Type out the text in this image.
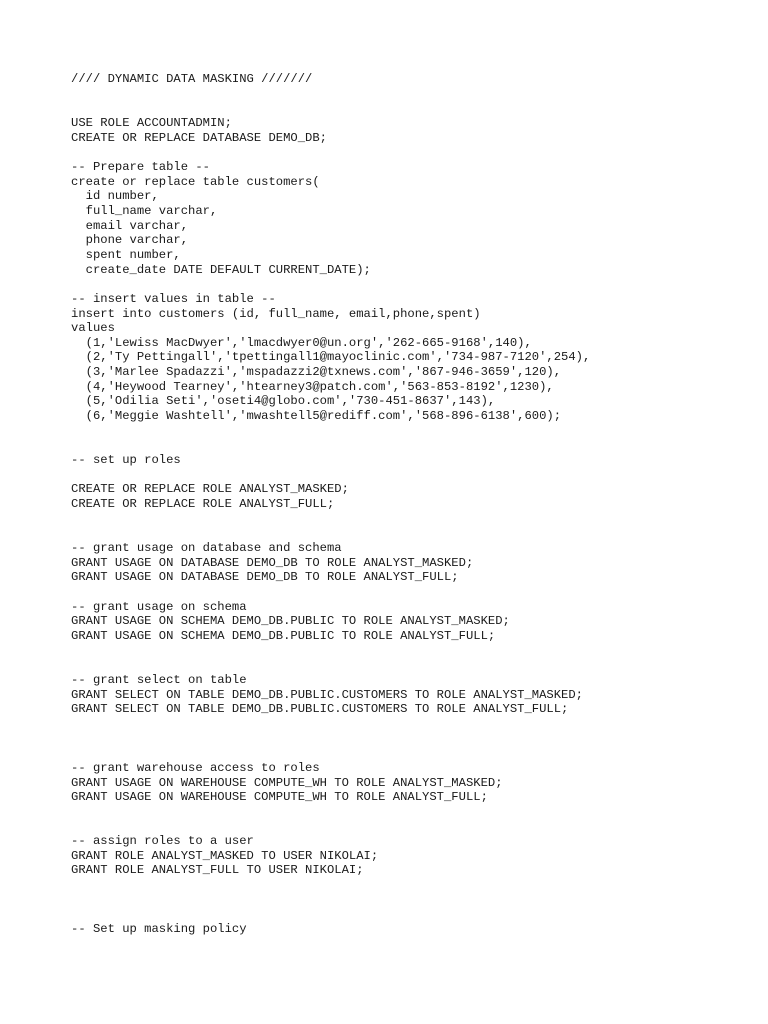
//// DYNAMIC DATA MASKING ///////
USE ROLE ACCOUNTADMIN;
CREATE OR REPLACE DATABASE DEMO_DB;
-- Prepare table --
create or replace table customers(
id number,
full_name varchar,
email varchar,
phone varchar,
spent number,
create_date DATE DEFAULT CURRENT_DATE);
-- insert values in table --
insert into customers (id, full_name, email,phone,spent)
values
(1,'Lewiss MacDwyer','lmacdwyer0@un.org','262-665-9168',140),
(2,'Ty Pettingall','tpettingall1@mayoclinic.com','734-987-7120',254),
(3,'Marlee Spadazzi','mspadazzi2@txnews.com','867-946-3659',120),
(4,'Heywood Tearney','htearney3@patch.com','563-853-8192',1230),
(5,'Odilia Seti','oseti4@globo.com','730-451-8637',143),
(6,'Meggie Washtell','mwashtell5@rediff.com','568-896-6138',600);
-- set up roles
CREATE OR REPLACE ROLE ANALYST_MASKED;
CREATE OR REPLACE ROLE ANALYST_FULL;
-- grant usage on database and schema
GRANT USAGE ON DATABASE DEMO_DB TO ROLE ANALYST_MASKED;
GRANT USAGE ON DATABASE DEMO_DB TO ROLE ANALYST_FULL;
-- grant usage on schema
GRANT USAGE ON SCHEMA DEMO_DB.PUBLIC TO ROLE ANALYST_MASKED;
GRANT USAGE ON SCHEMA DEMO_DB.PUBLIC TO ROLE ANALYST_FULL;
-- grant select on table
GRANT SELECT ON TABLE DEMO_DB.PUBLIC.CUSTOMERS TO ROLE ANALYST_MASKED;
GRANT SELECT ON TABLE DEMO_DB.PUBLIC.CUSTOMERS TO ROLE ANALYST_FULL;
-- grant warehouse access to roles
GRANT USAGE ON WAREHOUSE COMPUTE_WH TO ROLE ANALYST_MASKED;
GRANT USAGE ON WAREHOUSE COMPUTE_WH TO ROLE ANALYST_FULL;
-- assign roles to a user
GRANT ROLE ANALYST_MASKED TO USER NIKOLAI;
GRANT ROLE ANALYST_FULL TO USER NIKOLAI;
-- Set up masking policy
